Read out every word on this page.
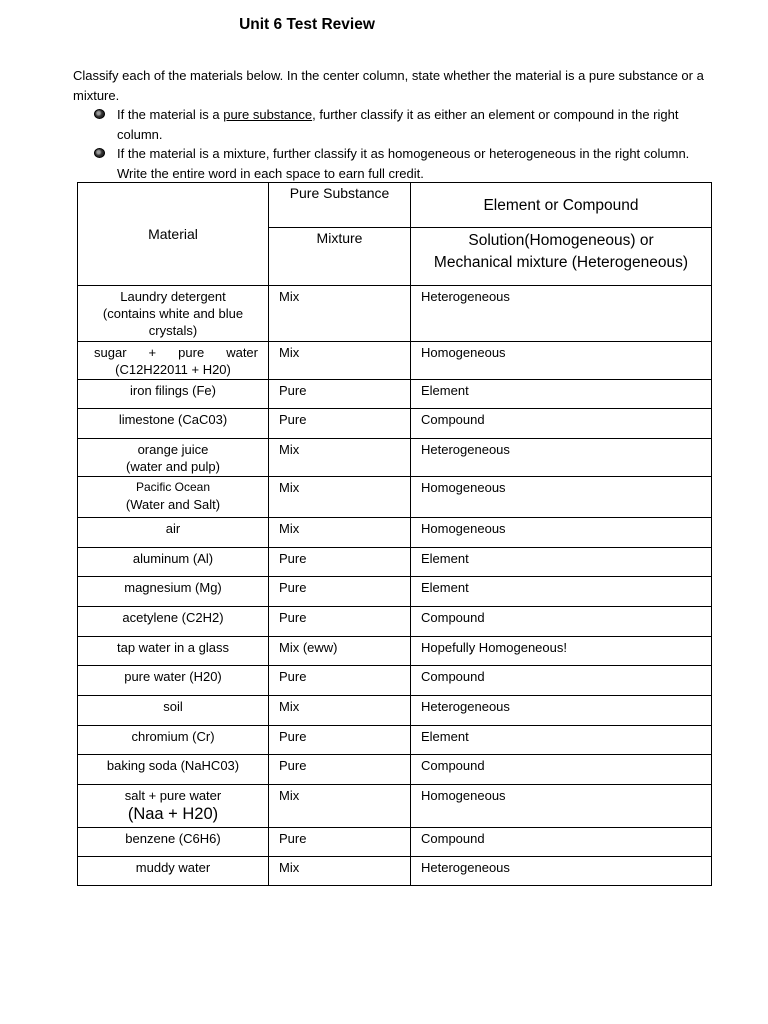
Unit 6 Test Review

Classify each of the materials below. In the center column, state whether the material is a pure substance or a mixture.

If the material is a pure substance, further classify it as either an element or compound in the right column.
If the material is a mixture, further classify it as homogeneous or heterogeneous in the right column. Write the entire word in each space to earn full credit.
Material	Pure Substance	Element or Compound
	Mixture	Solution(Homogeneous) or
Mechanical mixture (Heterogeneous)

Laundry detergent
(contains white and blue
crystals)	Mix	Heterogeneous

sugar + pure water
(C12H22011 + H20)	Mix	Homogeneous

iron filings (Fe)	Pure	Element

limestone (CaC03)	Pure	Compound

orange juice
(water and pulp)	Mix	Heterogeneous

Pacific Ocean
(Water and Salt)	Mix	Homogeneous

air	Mix	Homogeneous

aluminum (Al)	Pure	Element

magnesium (Mg)	Pure	Element

acetylene (C2H2)	Pure	Compound

tap water in a glass	Mix (eww)	Hopefully Homogeneous!

pure water (H20)	Pure	Compound

soil	Mix	Heterogeneous

chromium (Cr)	Pure	Element

baking soda (NaHC03)	Pure	Compound

salt + pure water
(Naa + H20)	Mix	Homogeneous

benzene (C6H6)	Pure	Compound

muddy water	Mix	Heterogeneous
